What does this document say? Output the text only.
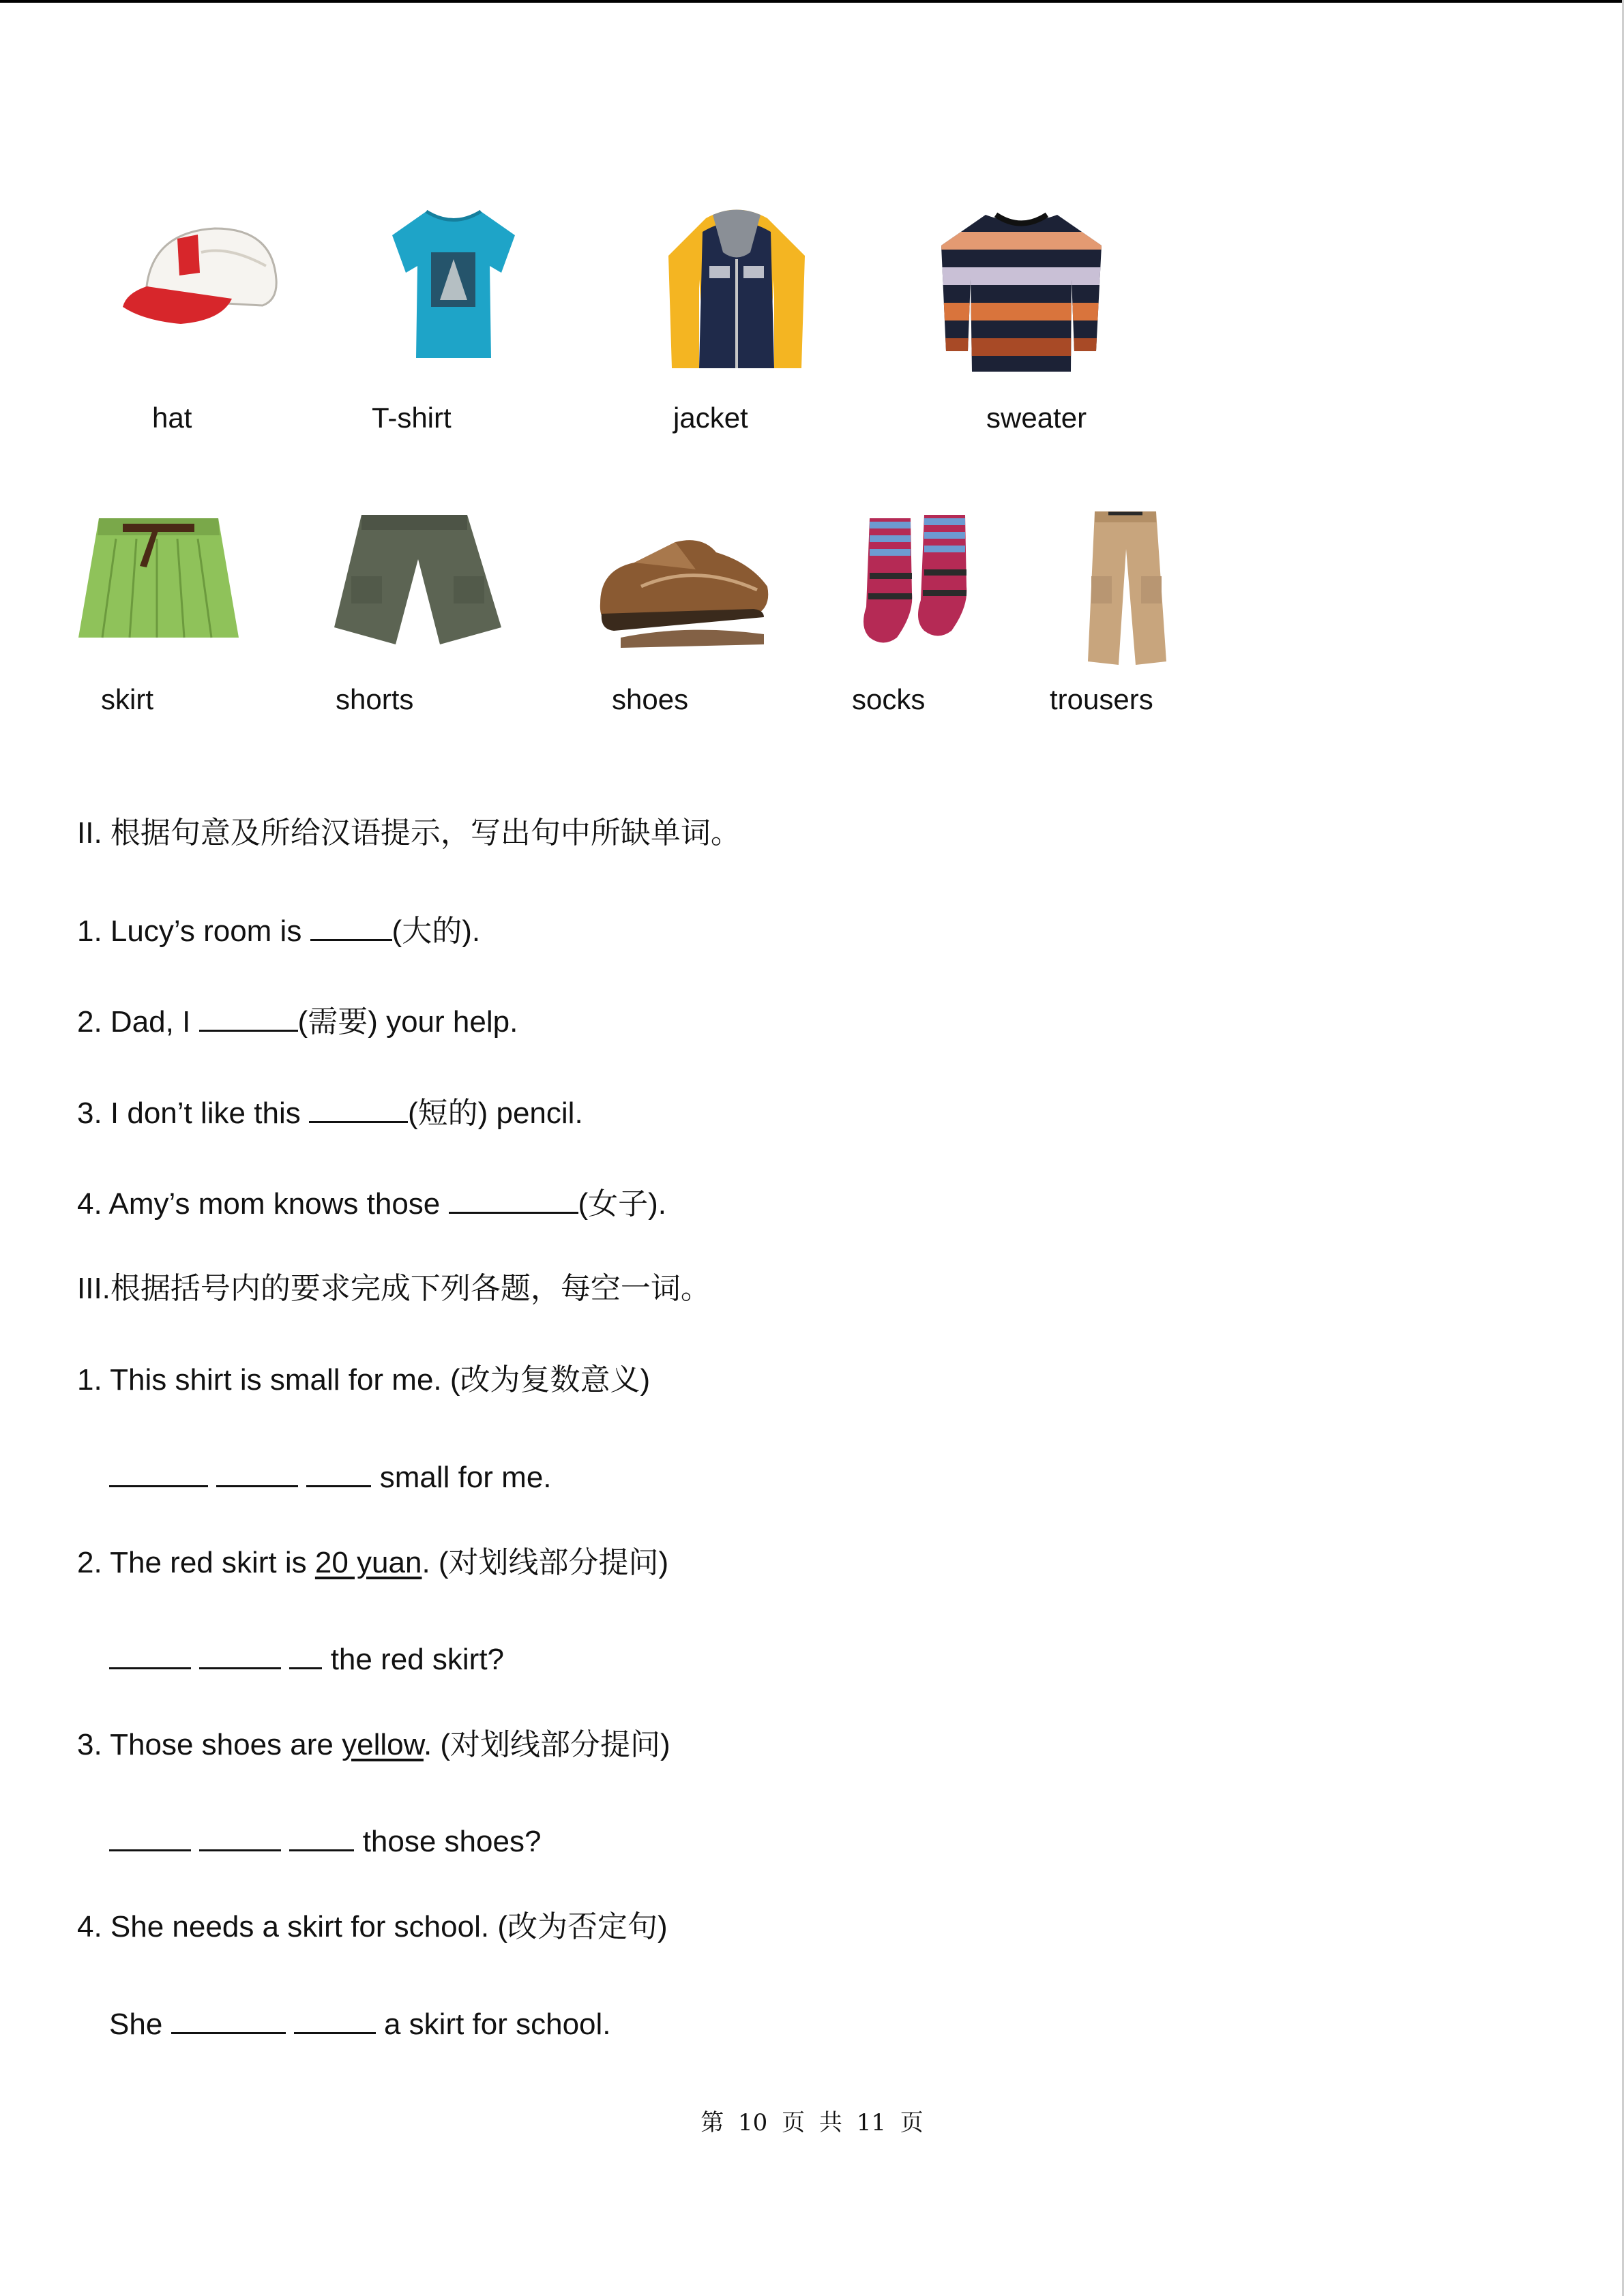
hat	T-shirt	jacket	sweater
skirt	shorts	shoes	socks	trousers
II. 根据句意及所给汉语提示，写出句中所缺单词。
1. Lucy’s room is	(大的).
2. Dad, I	(需要) your help.
3. I don’t like this	(短的) pencil.
4. Amy’s mom knows those	(女子).
III.根据括号内的要求完成下列各题，每空一词。
1. This shirt is small for me. (改为复数意义)
small for me.
2. The red skirt is 20 yuan. (对划线部分提问)
the red skirt?
3. Those shoes are yellow. (对划线部分提问)
those shoes?
4. She needs a skirt for school. (改为否定句)
She	a skirt for school.
第 10 页 共 11 页
